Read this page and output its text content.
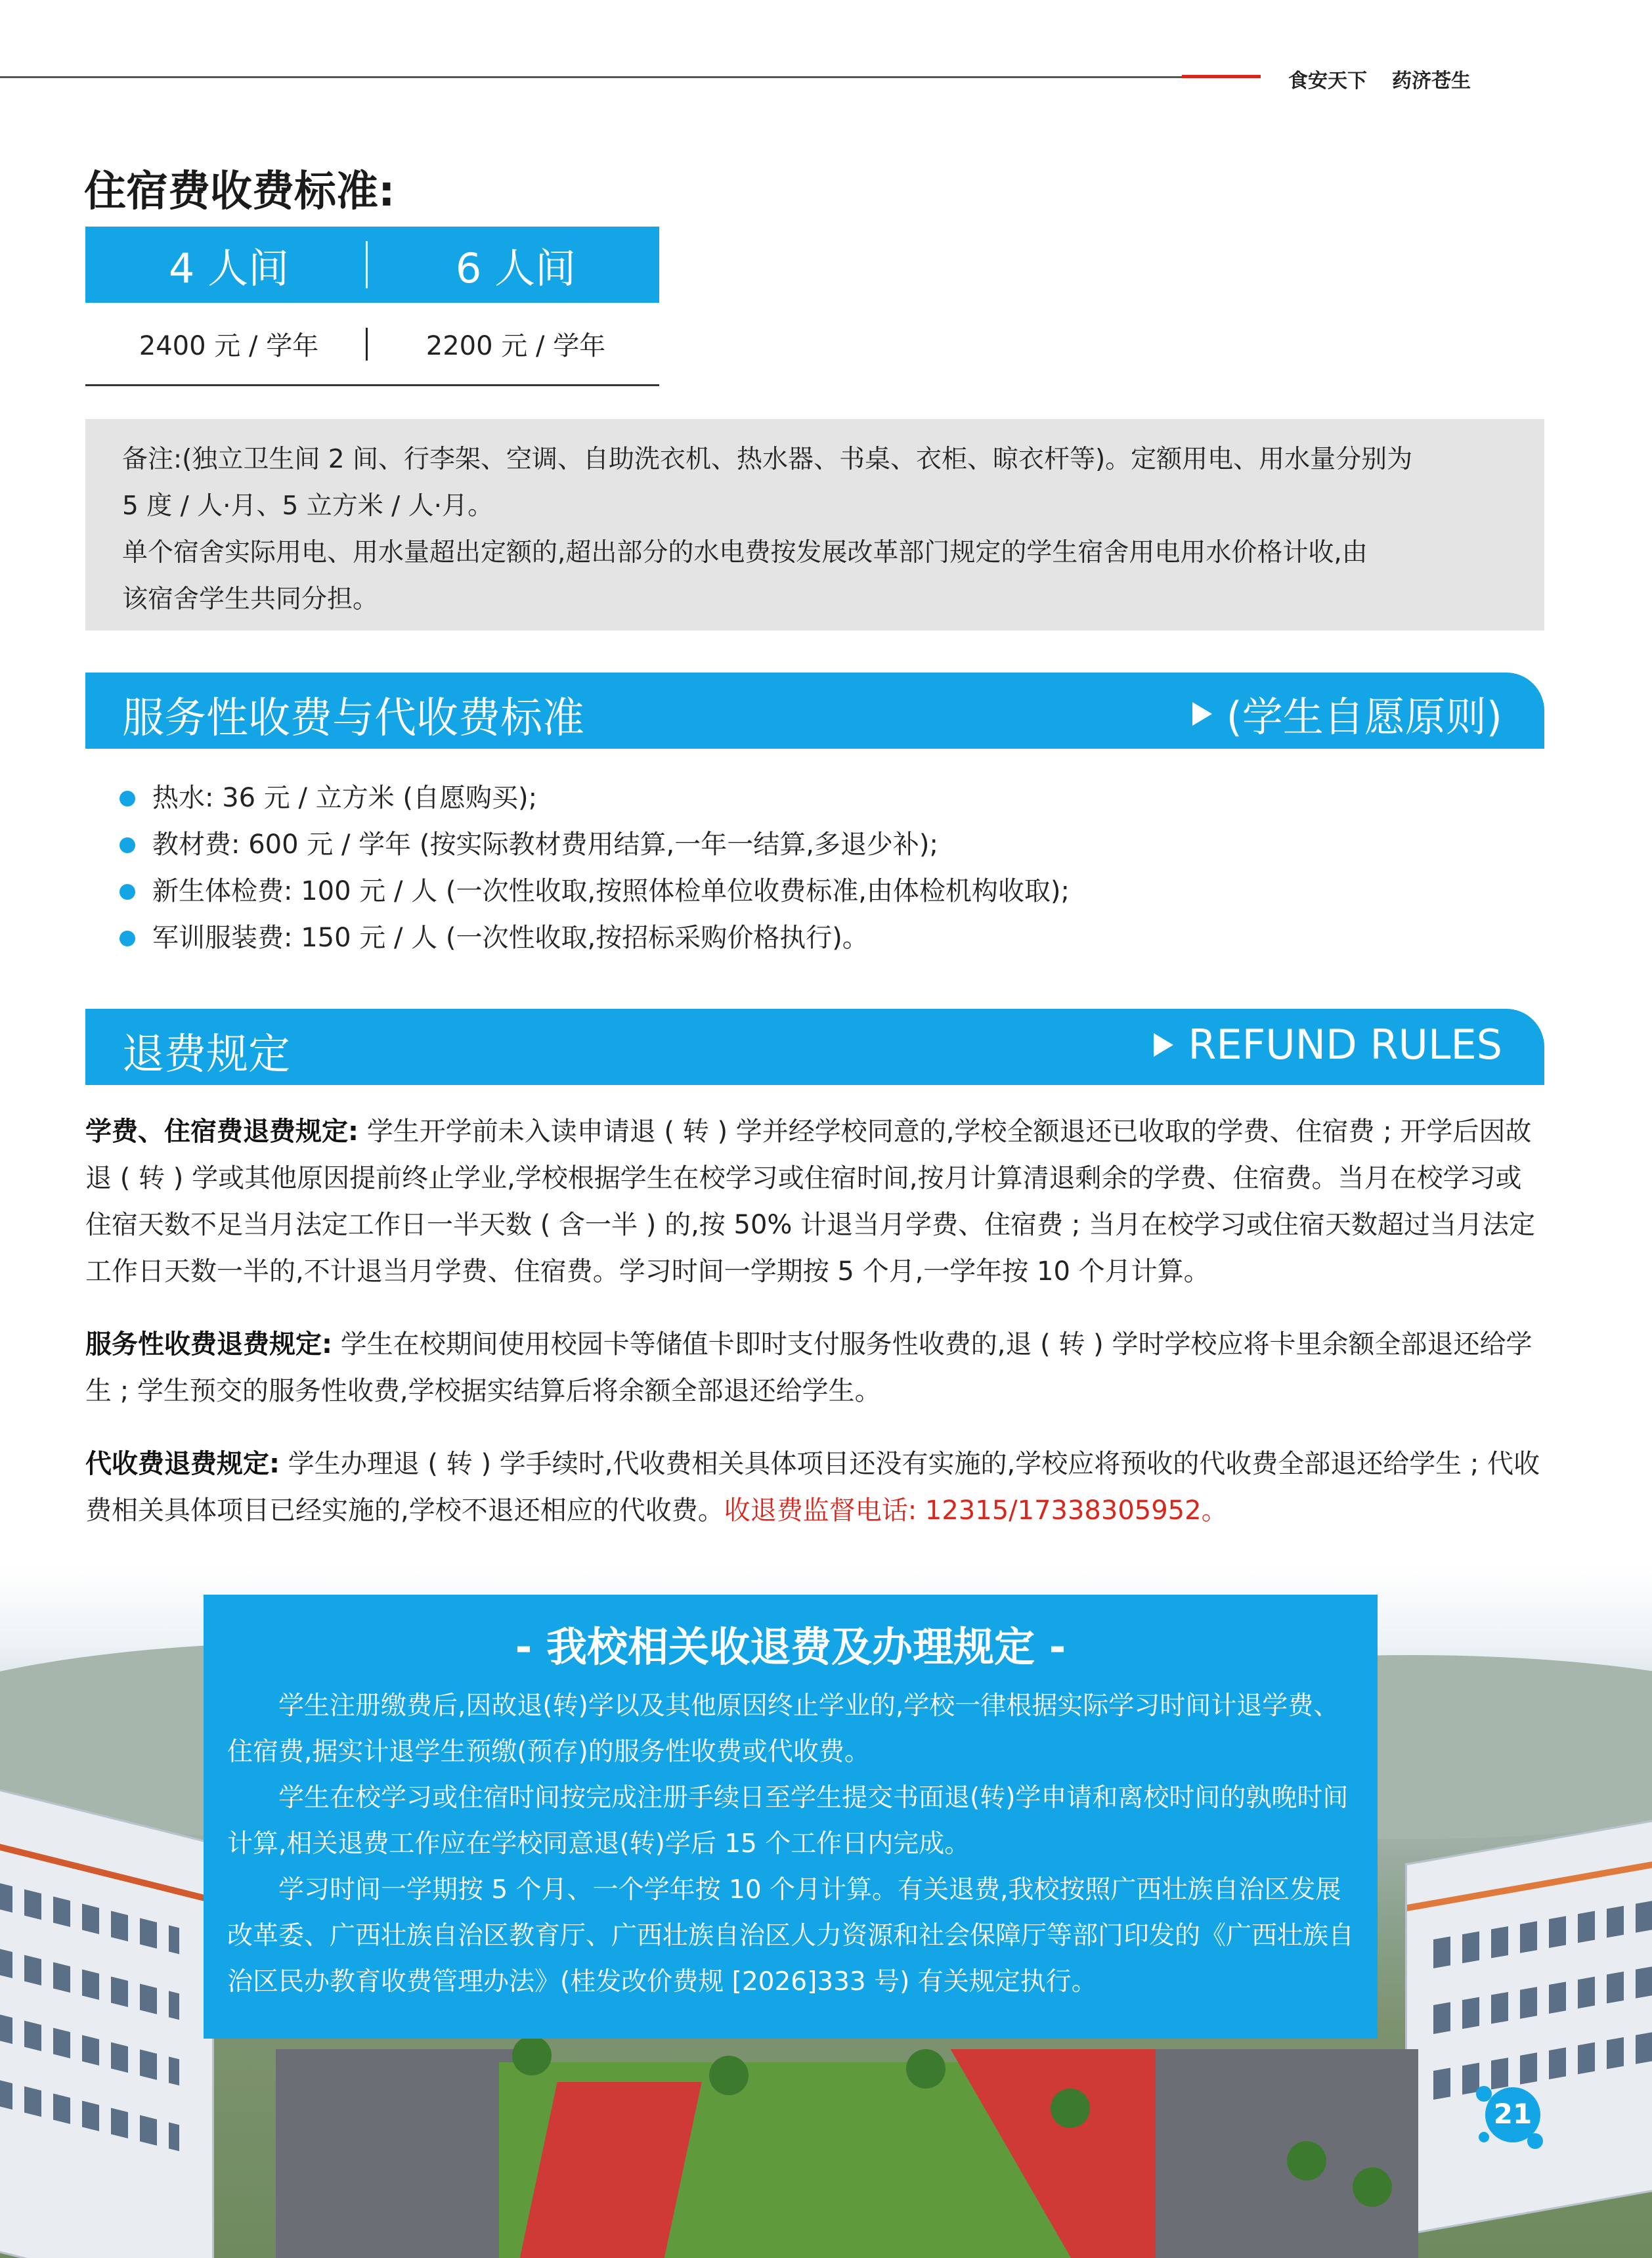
食安天下 药济苍生
住宿费收费标准:
4 人间	6 人间
2400 元 / 学年	2200 元 / 学年

备注:(独立卫生间 2 间、行李架、空调、自助洗衣机、热水器、书桌、衣柜、晾衣杆等)。定额用电、用水量分别为

5 度 / 人·月、5 立方米 / 人·月。

单个宿舍实际用电、用水量超出定额的,超出部分的水电费按发展改革部门规定的学生宿舍用电用水价格计收,由

该宿舍学生共同分担。

服务性收费与代收费标准	(学生自愿原则)
热水: 36 元 / 立方米 (自愿购买);
教材费: 600 元 / 学年 (按实际教材费用结算,一年一结算,多退少补);
新生体检费: 100 元 / 人 (一次性收取,按照体检单位收费标准,由体检机构收取);
军训服装费: 150 元 / 人 (一次性收取,按招标采购价格执行)。
退费规定	REFUND RULES

学费、住宿费退费规定: 学生开学前未入读申请退 ( 转 ) 学并经学校同意的,学校全额退还已收取的学费、住宿费 ; 开学后因故退 ( 转 ) 学或其他原因提前终止学业,学校根据学生在校学习或住宿时间,按月计算清退剩余的学费、住宿费。当月在校学习或住宿天数不足当月法定工作日一半天数 ( 含一半 ) 的,按 50% 计退当月学费、住宿费 ; 当月在校学习或住宿天数超过当月法定工作日天数一半的,不计退当月学费、住宿费。学习时间一学期按 5 个月,一学年按 10 个月计算。

服务性收费退费规定: 学生在校期间使用校园卡等储值卡即时支付服务性收费的,退 ( 转 ) 学时学校应将卡里余额全部退还给学生 ; 学生预交的服务性收费,学校据实结算后将余额全部退还给学生。

代收费退费规定: 学生办理退 ( 转 ) 学手续时,代收费相关具体项目还没有实施的,学校应将预收的代收费全部退还给学生 ; 代收费相关具体项目已经实施的,学校不退还相应的代收费。收退费监督电话: 12315/17338305952。

- 我校相关收退费及办理规定 -

学生注册缴费后,因故退(转)学以及其他原因终止学业的,学校一律根据实际学习时间计退学费、住宿费,据实计退学生预缴(预存)的服务性收费或代收费。

学生在校学习或住宿时间按完成注册手续日至学生提交书面退(转)学申请和离校时间的孰晚时间计算,相关退费工作应在学校同意退(转)学后 15 个工作日内完成。

学习时间一学期按 5 个月、一个学年按 10 个月计算。有关退费,我校按照广西壮族自治区发展改革委、广西壮族自治区教育厅、广西壮族自治区人力资源和社会保障厅等部门印发的《广西壮族自治区民办教育收费管理办法》(桂发改价费规 [2026]333 号) 有关规定执行。

21
